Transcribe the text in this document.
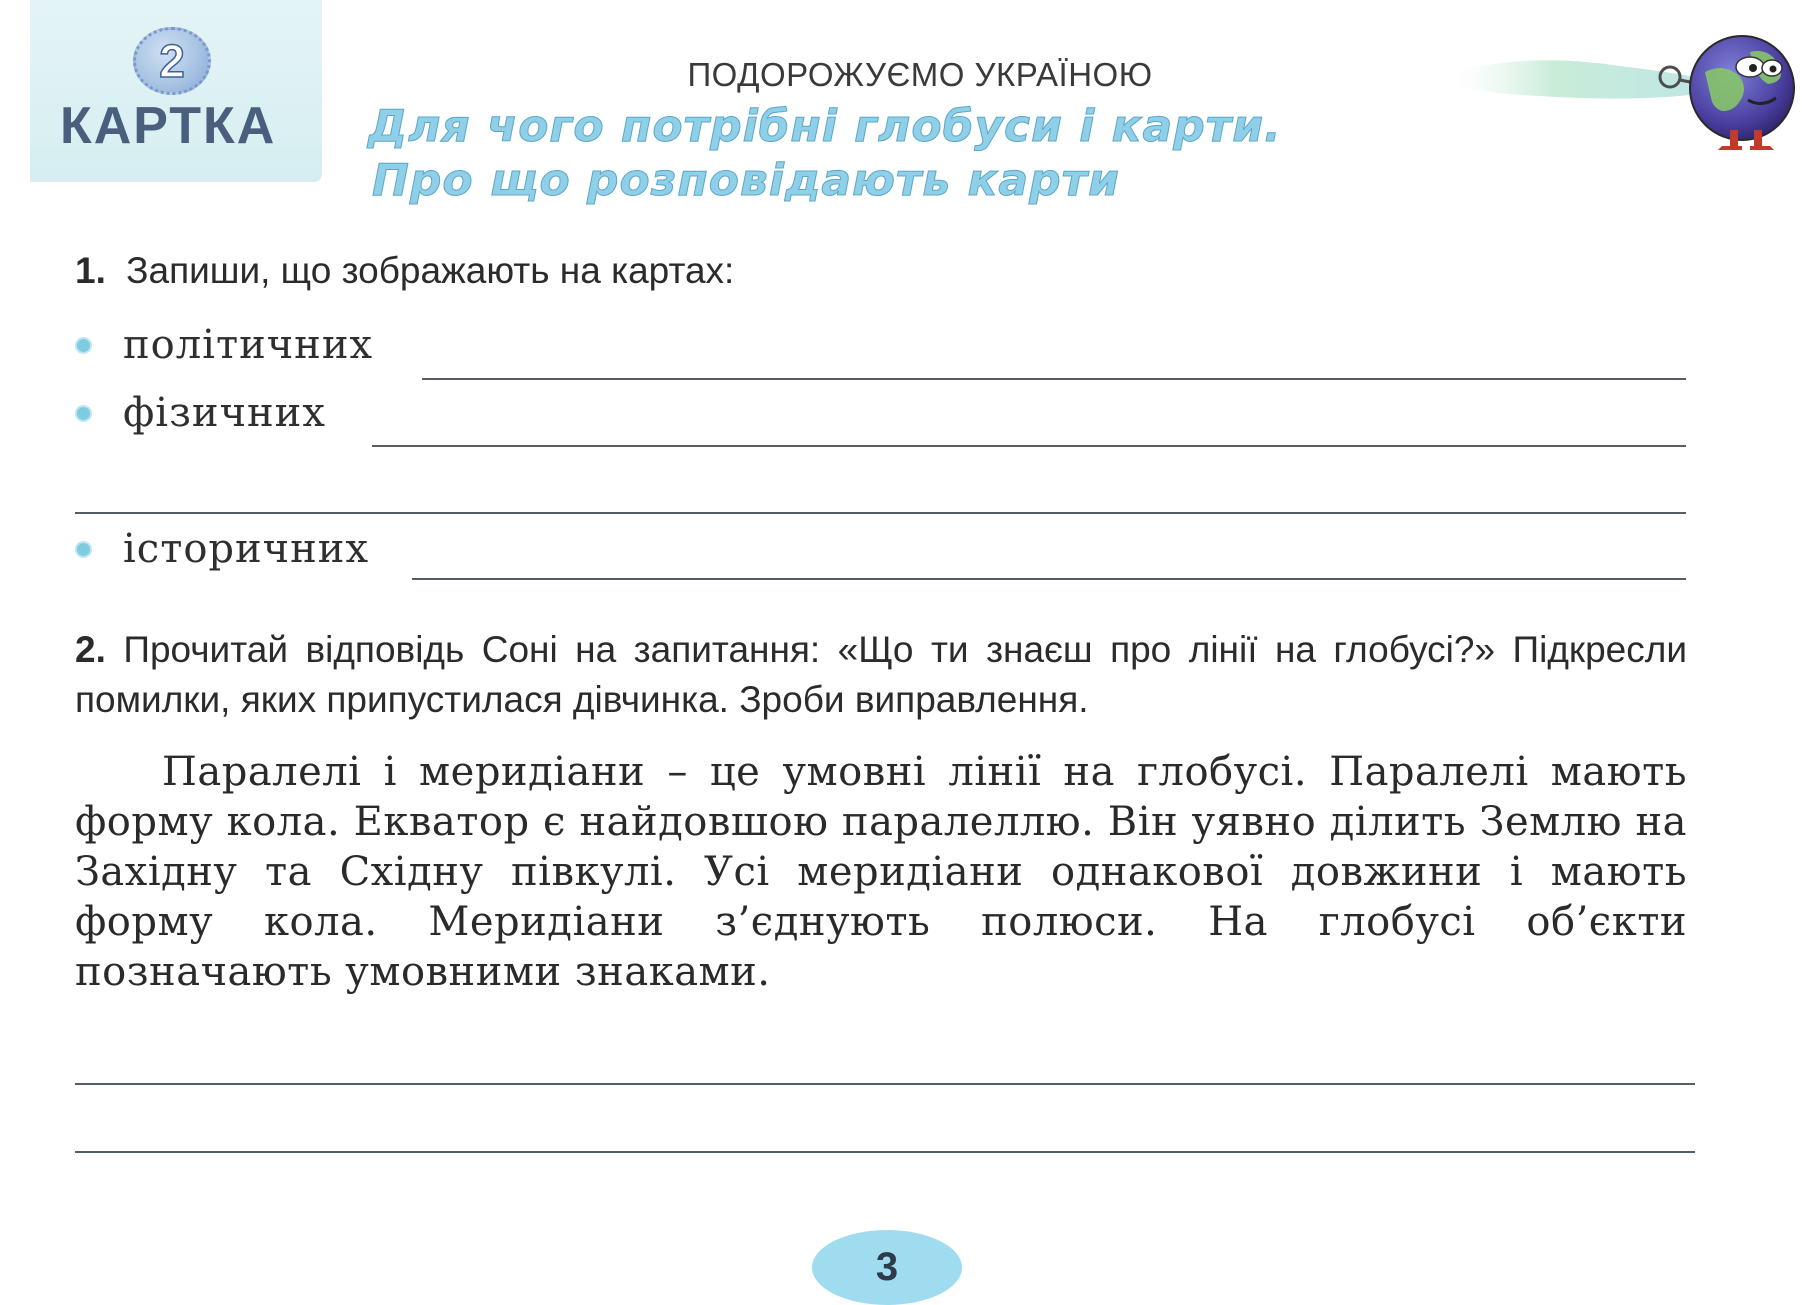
2
КАРТКА
ПОДОРОЖУЄМО УКРАЇНОЮ
Для чого потрібні глобуси і карти.
Про що розповідають карти
1. Запиши, що зображають на картах:
політичних
фізичних
історичних
2. Прочитай відповідь Соні на запитання: «Що ти знаєш про лінії на глобусі?» Підкресли помилки, яких припустилася дівчинка. Зроби виправлення.
Паралелі і меридіани – це умовні лінії на глобусі. Паралелі мають форму кола. Екватор є найдовшою паралеллю. Він уявно ділить Землю на Західну та Східну півкулі. Усі меридіани однакової довжини і мають форму кола. Меридіани з’єднують полюси. На глобусі об’єкти позначають умовними знаками.
3
